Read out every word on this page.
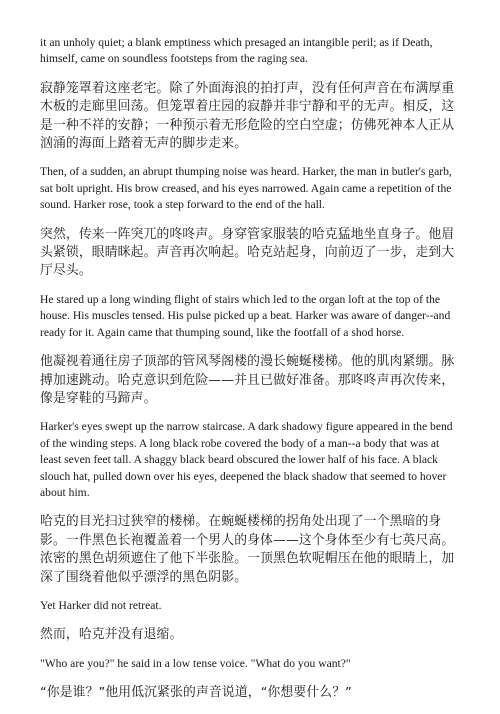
it an unholy quiet; a blank emptiness which presaged an intangible peril; as if Death, himself, came on soundless footsteps from the raging sea.

寂静笼罩着这座老宅。除了外面海浪的拍打声，没有任何声音在布满厚重木板的走廊里回荡。但笼罩着庄园的寂静并非宁静和平的无声。相反，这是一种不祥的安静；一种预示着无形危险的空白空虚；仿佛死神本人正从汹涌的海面上踏着无声的脚步走来。

Then, of a sudden, an abrupt thumping noise was heard. Harker, the man in butler's garb, sat bolt upright. His brow creased, and his eyes narrowed. Again came a repetition of the sound. Harker rose, took a step forward to the end of the hall.

突然，传来一阵突兀的咚咚声。身穿管家服装的哈克猛地坐直身子。他眉头紧锁，眼睛眯起。声音再次响起。哈克站起身，向前迈了一步，走到大厅尽头。

He stared up a long winding flight of stairs which led to the organ loft at the top of the house. His muscles tensed. His pulse picked up a beat. Harker was aware of danger--and ready for it. Again came that thumping sound, like the footfall of a shod horse.

他凝视着通往房子顶部的管风琴阁楼的漫长蜿蜒楼梯。他的肌肉紧绷。脉搏加速跳动。哈克意识到危险——并且已做好准备。那咚咚声再次传来，像是穿鞋的马蹄声。

Harker's eyes swept up the narrow staircase. A dark shadowy figure appeared in the bend of the winding steps. A long black robe covered the body of a man--a body that was at least seven feet tall. A shaggy black beard obscured the lower half of his face. A black slouch hat, pulled down over his eyes, deepened the black shadow that seemed to hover about him.

哈克的目光扫过狭窄的楼梯。在蜿蜒楼梯的拐角处出现了一个黑暗的身影。一件黑色长袍覆盖着一个男人的身体——这个身体至少有七英尺高。浓密的黑色胡须遮住了他下半张脸。一顶黑色软呢帽压在他的眼睛上，加深了围绕着他似乎漂浮的黑色阴影。

Yet Harker did not retreat.

然而，哈克并没有退缩。

"Who are you?" he said in a low tense voice. "What do you want?"

“你是谁？”他用低沉紧张的声音说道，“你想要什么？”
